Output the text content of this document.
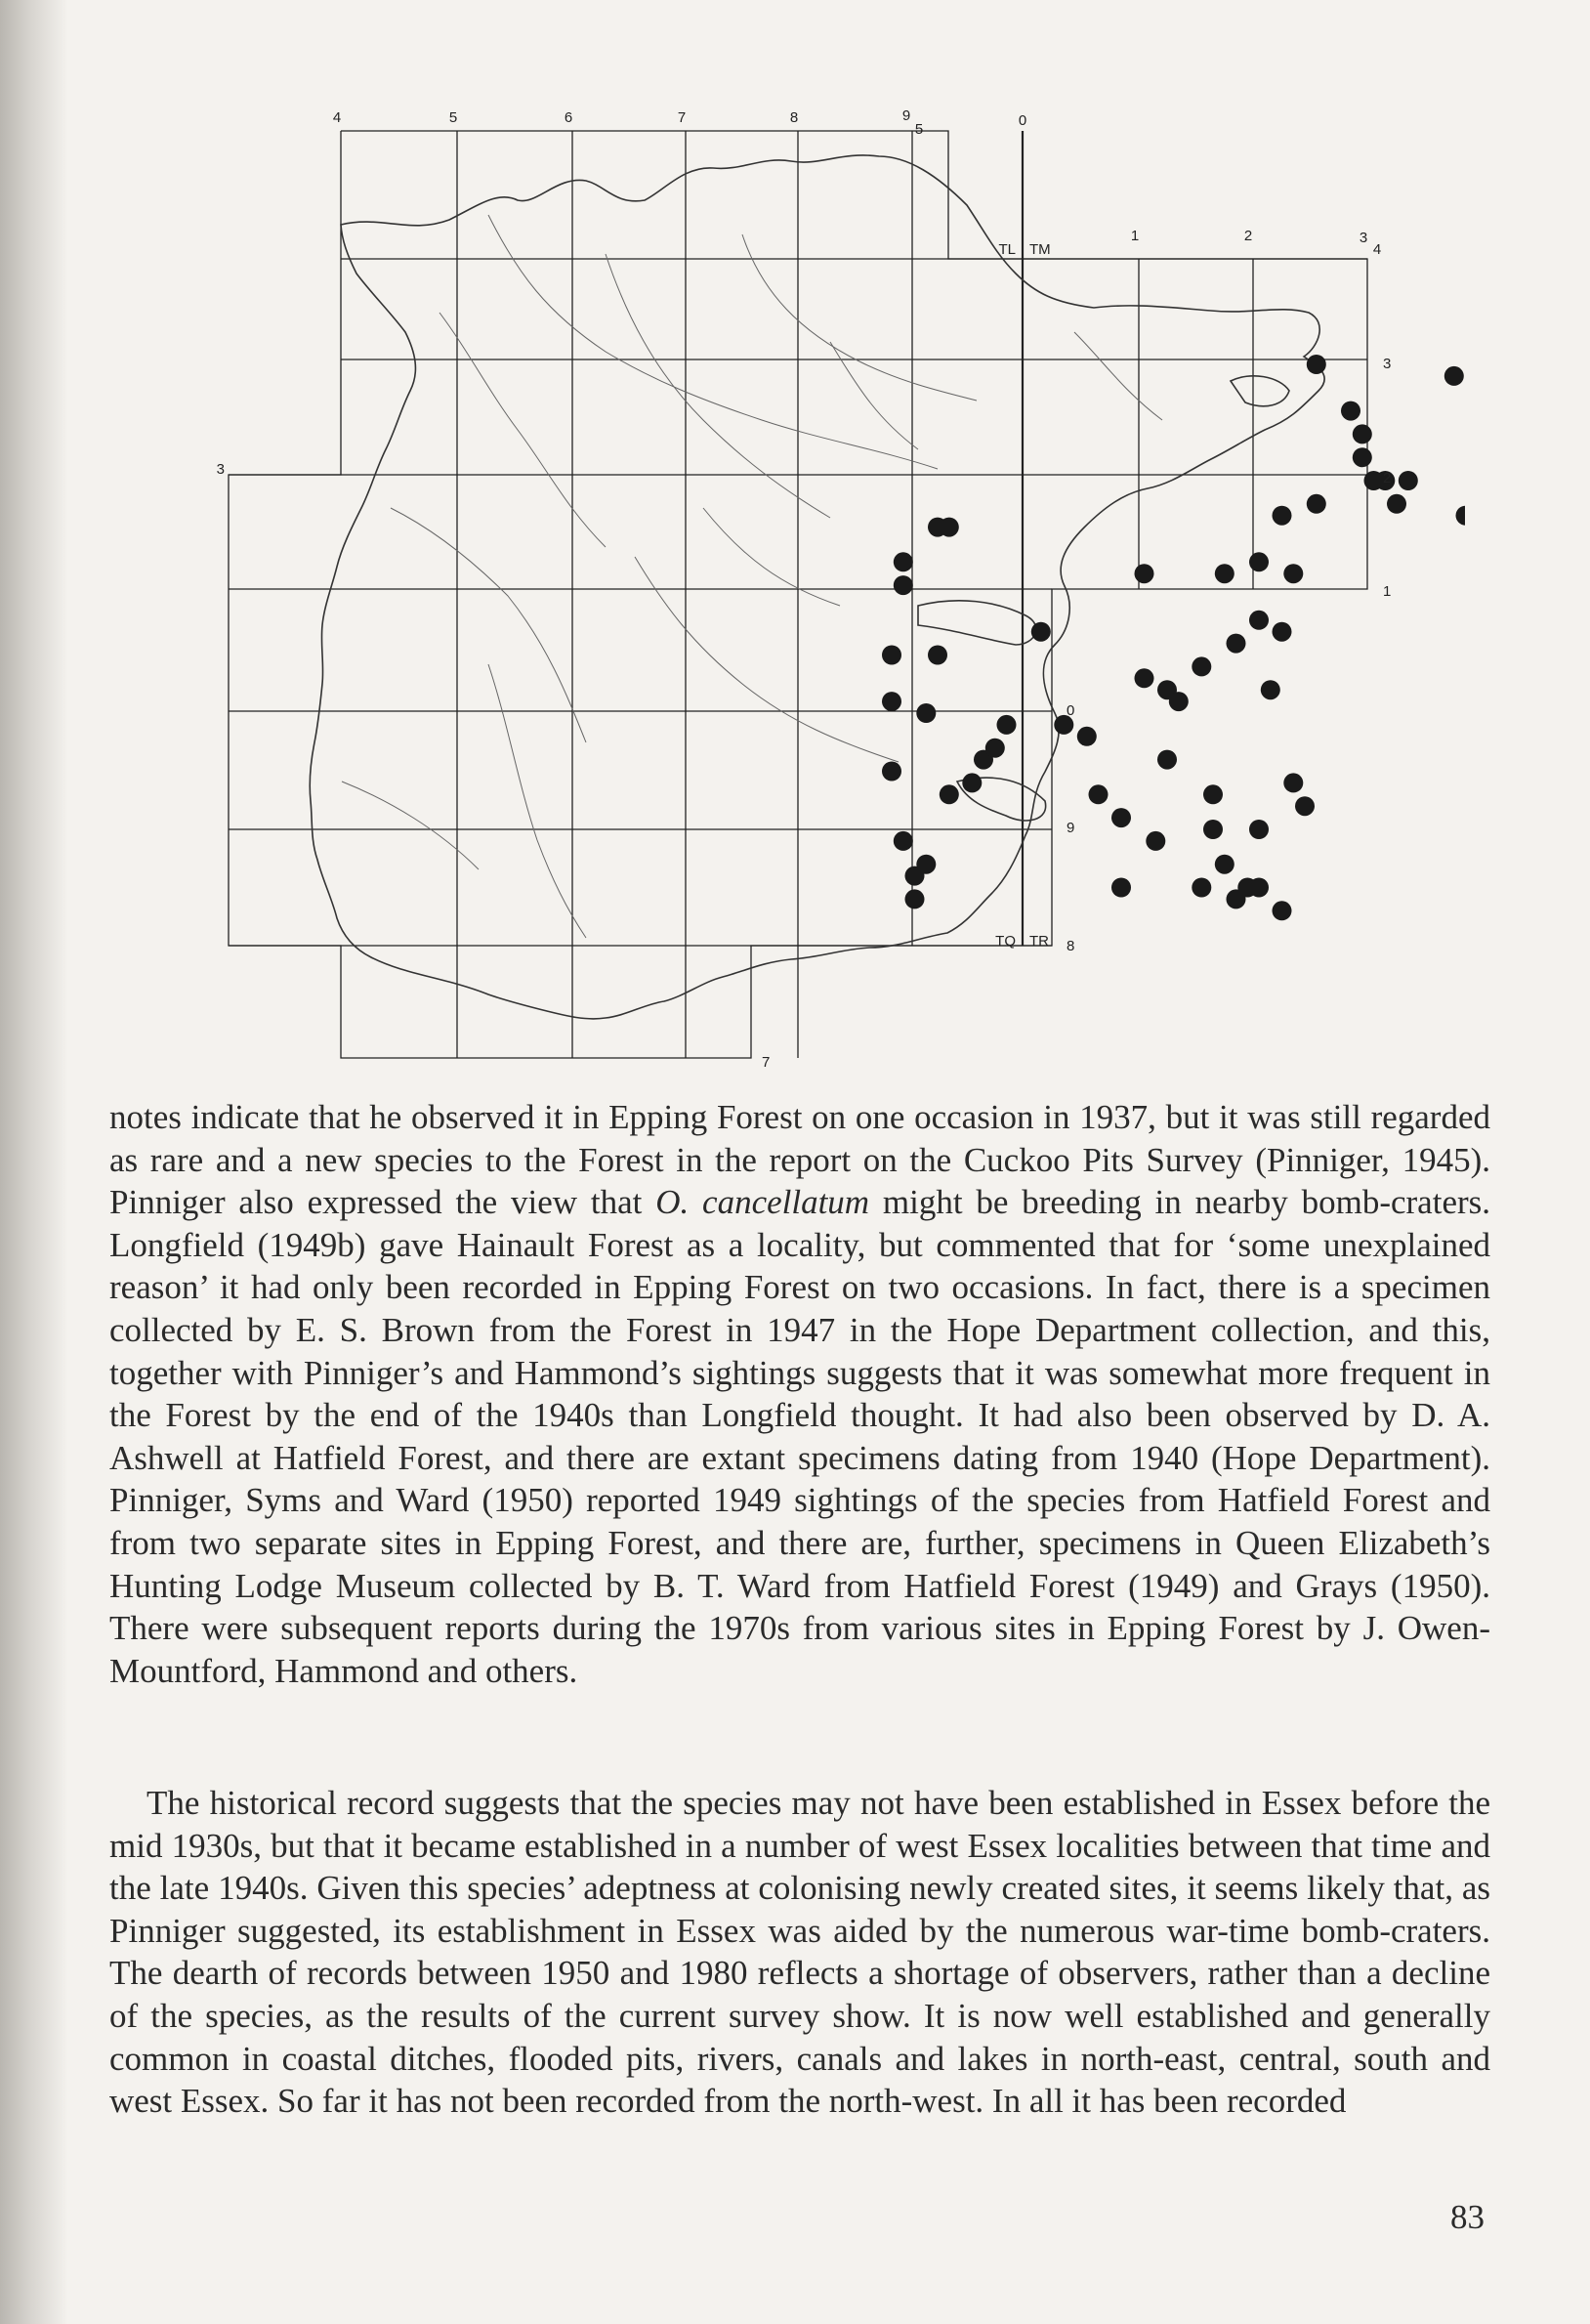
4	5	6	7	8	9
5
0
TL TM
1	2	3
4
3
2
1
0
9
8
TQ TR
7
3

notes indicate that he observed it in Epping Forest on one occasion in 1937, but it was still regarded as rare and a new species to the Forest in the report on the Cuckoo Pits Survey (Pinniger, 1945). Pinniger also expressed the view that O. cancellatum might be breeding in nearby bomb-craters. Longfield (1949b) gave Hainault Forest as a locality, but commented that for ‘some unexplained reason’ it had only been recorded in Epping Forest on two occasions. In fact, there is a specimen collected by E. S. Brown from the Forest in 1947 in the Hope Department collection, and this, together with Pinniger’s and Hammond’s sightings suggests that it was somewhat more frequent in the Forest by the end of the 1940s than Longfield thought. It had also been observed by D. A. Ashwell at Hatfield Forest, and there are extant specimens dating from 1940 (Hope Department). Pinniger, Syms and Ward (1950) reported 1949 sightings of the species from Hatfield Forest and from two separate sites in Epping Forest, and there are, further, specimens in Queen Elizabeth’s Hunting Lodge Museum collected by B. T. Ward from Hatfield Forest (1949) and Grays (1950). There were subsequent reports during the 1970s from various sites in Epping Forest by J. Owen-Mountford, Hammond and others.

The historical record suggests that the species may not have been established in Essex before the mid 1930s, but that it became established in a number of west Essex localities between that time and the late 1940s. Given this species’ adeptness at colonising newly created sites, it seems likely that, as Pinniger suggested, its establishment in Essex was aided by the numerous war-time bomb-craters. The dearth of records between 1950 and 1980 reflects a shortage of observers, rather than a decline of the species, as the results of the current survey show. It is now well established and generally common in coastal ditches, flooded pits, rivers, canals and lakes in north-east, central, south and west Essex. So far it has not been recorded from the north-west. In all it has been recorded

83
